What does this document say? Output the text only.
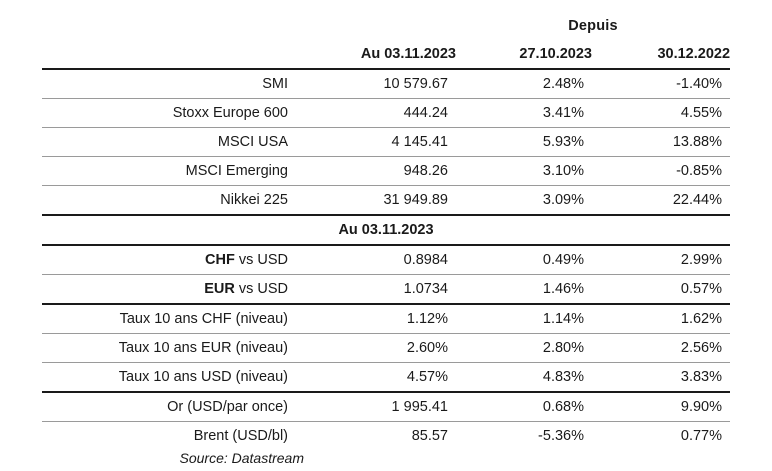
		Depuis	
	Au 03.11.2023	27.10.2023	30.12.2022

SMI	10 579.67	2.48%	-1.40%
Stoxx Europe 600	444.24	3.41%	4.55%
MSCI USA	4 145.41	5.93%	13.88%
MSCI Emerging	948.26	3.10%	-0.85%
Nikkei 225	31 949.89	3.09%	22.44%
Au 03.11.2023			
CHF vs USD	0.8984	0.49%	2.99%
EUR vs USD	1.0734	1.46%	0.57%

Taux 10 ans CHF (niveau)	1.12%	1.14%	1.62%
Taux 10 ans EUR (niveau)	2.60%	2.80%	2.56%
Taux 10 ans USD (niveau)	4.57%	4.83%	3.83%

Or (USD/par once)	1 995.41	0.68%	9.90%
Brent (USD/bl)	85.57	-5.36%	0.77%
Source: Datastream			
